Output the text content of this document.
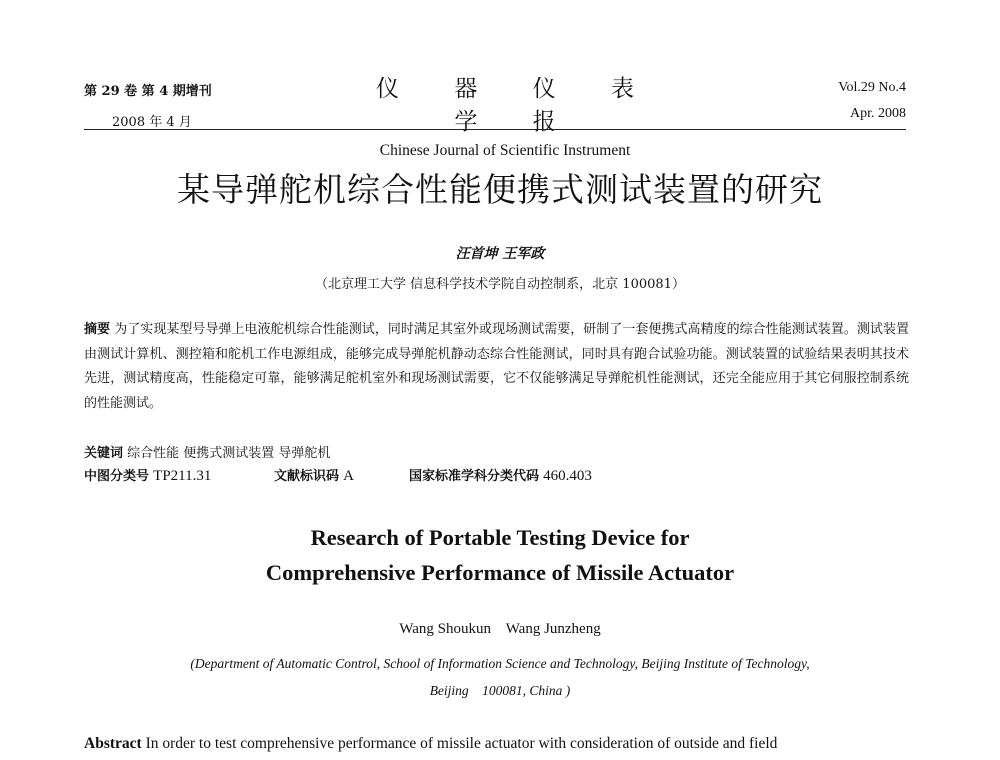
第 29 卷 第 4 期增刊
2008 年 4 月
仪 器 仪 表 学 报
Chinese Journal of Scientific Instrument
Vol.29 No.4
Apr. 2008
某导弹舵机综合性能便携式测试装置的研究
汪首坤 王军政
（北京理工大学 信息科学技术学院自动控制系，北京 100081）

摘要 为了实现某型号导弹上电液舵机综合性能测试，同时满足其室外或现场测试需要，研制了一套便携式高精度的综合性能测试装置。测试装置由测试计算机、测控箱和舵机工作电源组成，能够完成导弹舵机静动态综合性能测试，同时具有跑合试验功能。测试装置的试验结果表明其技术先进，测试精度高，性能稳定可靠，能够满足舵机室外和现场测试需要，它不仅能够满足导弹舵机性能测试，还完全能应用于其它伺服控制系统的性能测试。

关键词 综合性能 便携式测试装置 导弹舵机
中图分类号 TP211.31	文献标识码 A	国家标准学科分类代码 460.403
Research of Portable Testing Device for
Comprehensive Performance of Missile Actuator
Wang Shoukun    Wang Junzheng
(Department of Automatic Control, School of Information Science and Technology, Beijing Institute of Technology,
Beijing    100081, China )
Abstract In order to test comprehensive performance of missile actuator with consideration of outside and field
